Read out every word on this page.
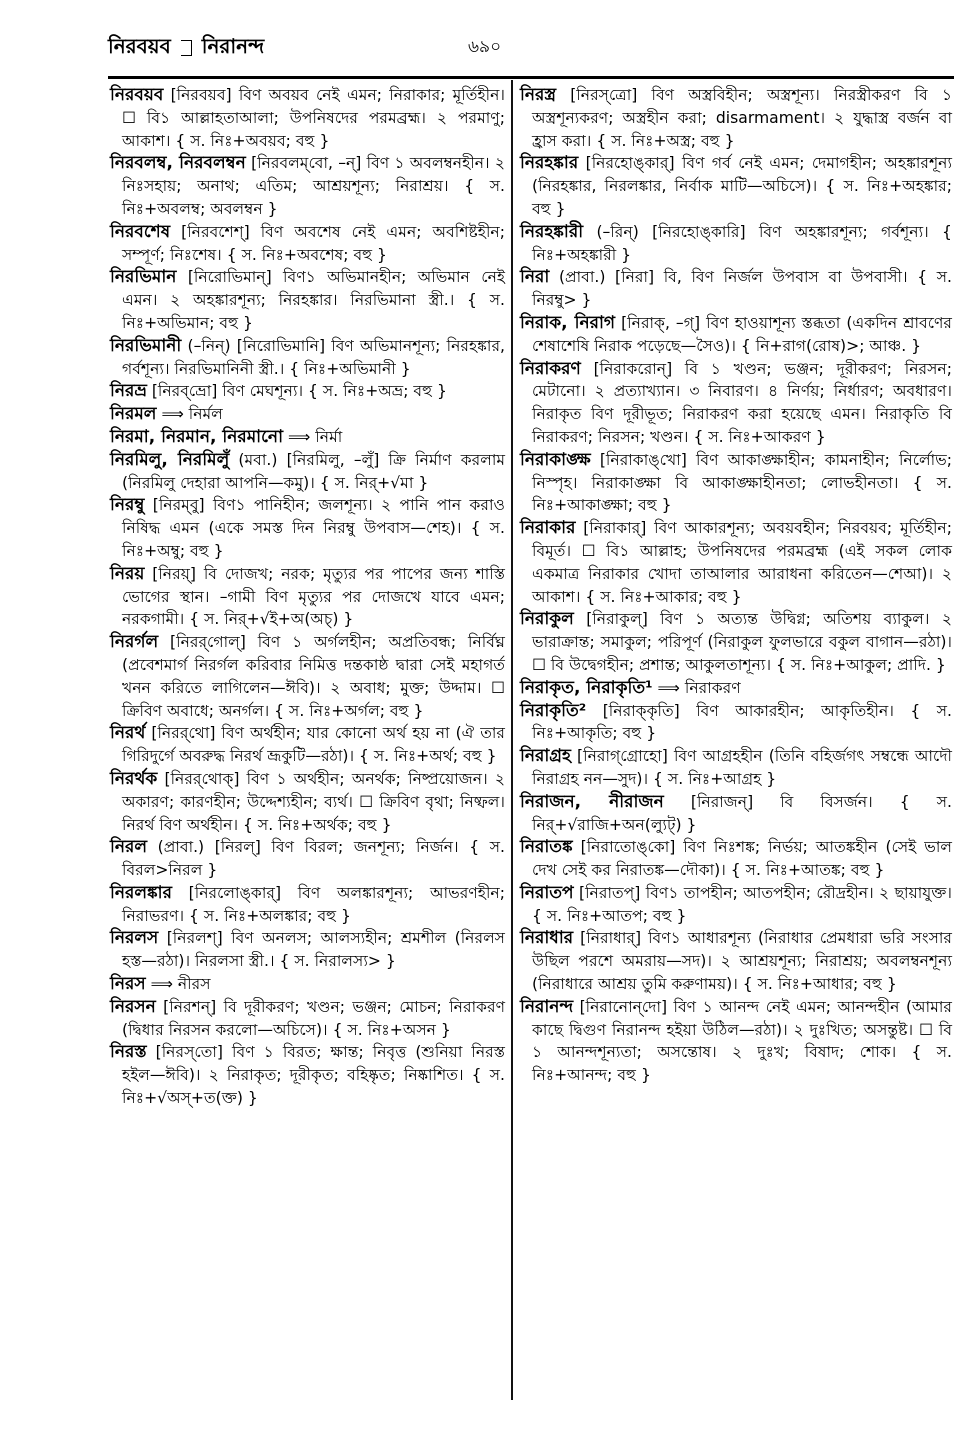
নিরবয়ব নিরানন্দ	৬৯০

নিরবয়ব [নিরবয়ব] বিণ অবয়ব নেই এমন; নিরাকার; মূর্তিহীন। ☐ বি১ আল্লাহতাআলা; উপনিষদের পরমব্রহ্ম। ২ পরমাণু; আকাশ। { স. নিঃ+অবয়ব; বহু }

নিরবলম্ব, নিরবলম্বন [নিরবলম্‌বো, –ন্‌] বিণ ১ অবলম্বনহীন। ২ নিঃসহায়; অনাথ; এতিম; আশ্রয়শূন্য; নিরাশ্রয়। { স. নিঃ+অবলম্ব; অবলম্বন }

নিরবশেষ [নিরবশেশ্‌] বিণ অবশেষ নেই এমন; অবশিষ্টহীন; সম্পূর্ণ; নিঃশেষ। { স. নিঃ+অবশেষ; বহু }

নিরভিমান [নিরোভিমান্‌] বিণ১ অভিমানহীন; অভিমান নেই এমন। ২ অহঙ্কারশূন্য; নিরহঙ্কার। নিরভিমানা স্ত্রী.। { স. নিঃ+অভিমান; বহু }

নিরভিমানী (–নিন্‌) [নিরোভিমানি] বিণ অভিমানশূন্য; নিরহঙ্কার, গর্বশূন্য। নিরভিমানিনী স্ত্রী.। { নিঃ+অভিমানী }

নিরভ্র [নিরব্‌ভ্রো] বিণ মেঘশূন্য। { স. নিঃ+অভ্র; বহু }

নিরমল ⟹ নির্মল

নিরমা, নিরমান, নিরমানো ⟹ নির্মা

নিরমিলু, নিরমিলুঁ (মবা.) [নিরমিলু, –লুঁ] ক্রি নির্মাণ করলাম (নিরমিলু দেহারা আপনি—কমু)। { স. নির্‌+√মা }

নিরম্বু [নিরম্‌বু] বিণ১ পানিহীন; জলশূন্য। ২ পানি পান করাও নিষিদ্ধ এমন (একে সমস্ত দিন নিরম্বু উপবাস—শেহ)। { স. নিঃ+অম্বু; বহু }

নিরয় [নিরয়্‌] বি দোজখ; নরক; মৃত্যুর পর পাপের জন্য শাস্তি ভোগের স্থান। –গামী বিণ মৃত্যুর পর দোজখে যাবে এমন; নরকগামী। { স. নির্‌+√ই+অ(অচ্‌) }

নিরর্গল [নিরর্‌গোল্‌] বিণ ১ অর্গলহীন; অপ্রতিবন্ধ; নির্বিঘ্ন (প্রবেশমার্গ নিরর্গল করিবার নিমিত্ত দন্তকাষ্ঠ দ্বারা সেই মহাগর্ত খনন করিতে লাগিলেন—ঈবি)। ২ অবাধ; মুক্ত; উদ্দাম। ☐ ক্রিবিণ অবাধে; অনর্গল। { স. নিঃ+অর্গল; বহু }

নিরর্থ [নিরর্‌থো] বিণ অর্থহীন; যার কোনো অর্থ হয় না (ঐ তার গিরিদুর্গে অবরুদ্ধ নিরর্থ ভ্রূকুটি—রঠা)। { স. নিঃ+অর্থ; বহু }

নিরর্থক [নিরর্‌থোক্‌] বিণ ১ অর্থহীন; অনর্থক; নিষ্প্রয়োজন। ২ অকারণ; কারণহীন; উদ্দেশ্যহীন; ব্যর্থ। ☐ ক্রিবিণ বৃথা; নিষ্ফল। নিরর্থ বিণ অর্থহীন। { স. নিঃ+অর্থক; বহু }

নিরল (প্রাবা.) [নিরল্‌] বিণ বিরল; জনশূন্য; নির্জন। { স. বিরল>নিরল }

নিরলঙ্কার [নিরলোঙ্‌কার্‌] বিণ অলঙ্কারশূন্য; আভরণহীন; নিরাভরণ। { স. নিঃ+অলঙ্কার; বহু }

নিরলস [নিরলশ্‌] বিণ অনলস; আলস্যহীন; শ্রমশীল (নিরলস হস্ত—রঠা)। নিরলসা স্ত্রী.। { স. নিরালস্য> }

নিরস ⟹ নীরস

নিরসন [নিরশন্‌] বি দূরীকরণ; খণ্ডন; ভঞ্জন; মোচন; নিরাকরণ (দ্বিধার নিরসন করলো—অচিসে)। { স. নিঃ+অসন }

নিরস্ত [নিরস্‌তো] বিণ ১ বিরত; ক্ষান্ত; নিবৃত্ত (শুনিয়া নিরস্ত হইল—ঈবি)। ২ নিরাকৃত; দূরীকৃত; বহিষ্কৃত; নিষ্কাশিত। { স. নিঃ+√অস্‌+ত(ক্ত) }

নিরস্ত্র [নিরস্‌ত্রো] বিণ অস্ত্রবিহীন; অস্ত্রশূন্য। নিরস্ত্রীকরণ বি ১ অস্ত্রশূন্যকরণ; অস্ত্রহীন করা; disarmament। ২ যুদ্ধাস্ত্র বর্জন বা হ্রাস করা। { স. নিঃ+অস্ত্র; বহু }

নিরহঙ্কার [নিরহোঙ্‌কার্‌] বিণ গর্ব নেই এমন; দেমাগহীন; অহঙ্কারশূন্য (নিরহঙ্কার, নিরলঙ্কার, নির্বাক মাটি—অচিসে)। { স. নিঃ+অহঙ্কার; বহু }

নিরহঙ্কারী (–রিন্‌) [নিরহোঙ্‌কারি] বিণ অহঙ্কারশূন্য; গর্বশূন্য। { নিঃ+অহঙ্কারী }

নিরা (প্রাবা.) [নিরা] বি, বিণ নির্জল উপবাস বা উপবাসী। { স. নিরম্বু> }

নিরাক, নিরাগ [নিরাক্‌, –গ্‌] বিণ হাওয়াশূন্য স্তব্ধতা (একদিন শ্রাবণের শেষাশেষি নিরাক পড়েছে—সৈও)। { নি+রাগ(রোষ)>; আঞ্চ. }

নিরাকরণ [নিরাকরোন্‌] বি ১ খণ্ডন; ভঞ্জন; দূরীকরণ; নিরসন; মেটানো। ২ প্রত্যাখ্যান। ৩ নিবারণ। ৪ নির্ণয়; নির্ধারণ; অবধারণ। নিরাকৃত বিণ দূরীভূত; নিরাকরণ করা হয়েছে এমন। নিরাকৃতি বি নিরাকরণ; নিরসন; খণ্ডন। { স. নিঃ+আকরণ }

নিরাকাঙ্ক্ষ [নিরাকাঙ্‌খো] বিণ আকাঙ্ক্ষাহীন; কামনাহীন; নির্লোভ; নিস্পৃহ। নিরাকাঙ্ক্ষা বি আকাঙ্ক্ষাহীনতা; লোভহীনতা। { স. নিঃ+আকাঙ্ক্ষা; বহু }

নিরাকার [নিরাকার্‌] বিণ আকারশূন্য; অবয়বহীন; নিরবয়ব; মূর্তিহীন; বিমূর্ত। ☐ বি১ আল্লাহ; উপনিষদের পরমব্রহ্ম (এই সকল লোক একমাত্র নিরাকার খোদা তাআলার আরাধনা করিতেন—শেআ)। ২ আকাশ। { স. নিঃ+আকার; বহু }

নিরাকুল [নিরাকুল্‌] বিণ ১ অত্যন্ত উদ্বিগ্ন; অতিশয় ব্যাকুল। ২ ভারাক্রান্ত; সমাকুল; পরিপূর্ণ (নিরাকুল ফুলভারে বকুল বাগান—রঠা)। ☐ বি উদ্বেগহীন; প্রশান্ত; আকুলতাশূন্য। { স. নিঃ+আকুল; প্রাদি. }

নিরাকৃত, নিরাকৃতি¹ ⟹ নিরাকরণ

নিরাকৃতি² [নিরাক্‌কৃতি] বিণ আকারহীন; আকৃতিহীন। { স. নিঃ+আকৃতি; বহু }

নিরাগ্রহ [নিরাগ্‌গ্রোহো] বিণ আগ্রহহীন (তিনি বহির্জগৎ সম্বন্ধে আদৌ নিরাগ্রহ নন—সুদ)। { স. নিঃ+আগ্রহ }

নিরাজন, নীরাজন [নিরাজন্‌] বি বিসর্জন। { স. নির্‌+√রাজি+অন(ল্যুট্‌) }

নিরাতঙ্ক [নিরাতোঙ্‌কো] বিণ নিঃশঙ্ক; নির্ভয়; আতঙ্কহীন (সেই ভাল দেখ সেই কর নিরাতঙ্ক—দৌকা)। { স. নিঃ+আতঙ্ক; বহু }

নিরাতপ [নিরাতপ্‌] বিণ১ তাপহীন; আতপহীন; রৌদ্রহীন। ২ ছায়াযুক্ত। { স. নিঃ+আতপ; বহু }

নিরাধার [নিরাধার্‌] বিণ১ আধারশূন্য (নিরাধার প্রেমধারা ভরি সংসার উছিল পরশে অমরায়—সদ)। ২ আশ্রয়শূন্য; নিরাশ্রয়; অবলম্বনশূন্য (নিরাধারে আশ্রয় তুমি করুণাময়)। { স. নিঃ+আধার; বহু }

নিরানন্দ [নিরানোন্‌দো] বিণ ১ আনন্দ নেই এমন; আনন্দহীন (আমার কাছে দ্বিগুণ নিরানন্দ হইয়া উঠিল—রঠা)। ২ দুঃখিত; অসন্তুষ্ট। ☐ বি ১ আনন্দশূন্যতা; অসন্তোষ। ২ দুঃখ; বিষাদ; শোক। { স. নিঃ+আনন্দ; বহু }
